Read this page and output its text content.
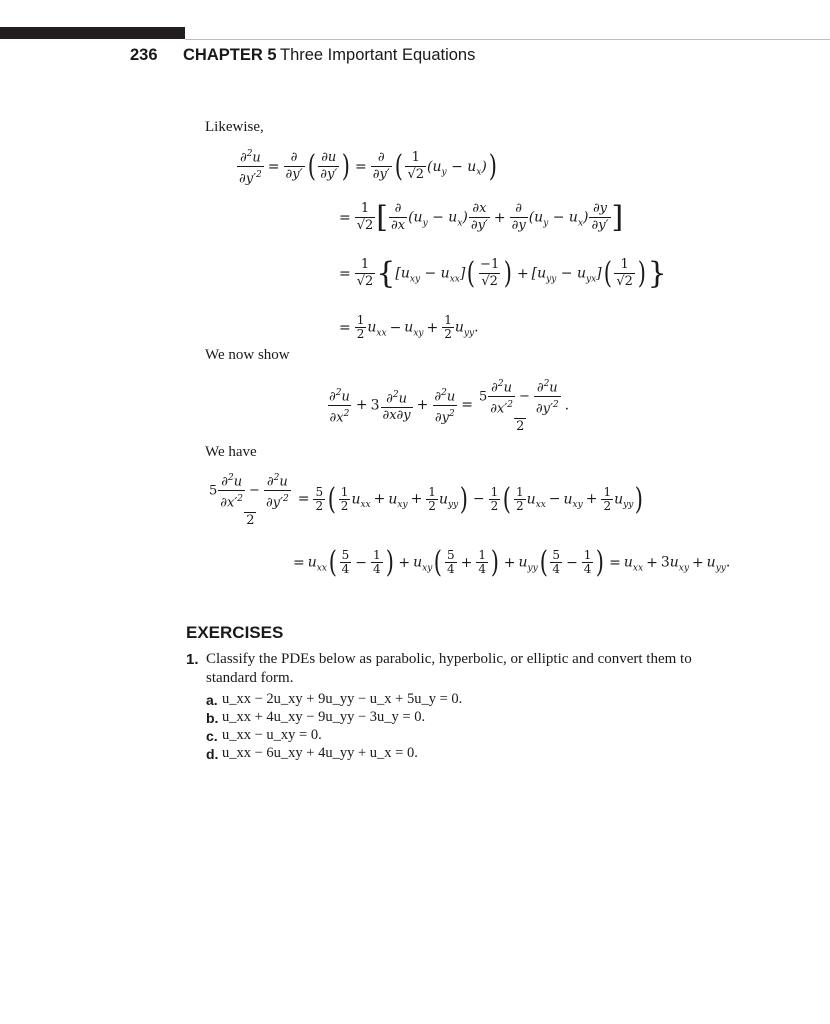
236 CHAPTER 5 Three Important Equations
Likewise,
$\frac{\partial^2u}{\partial y'^2} = \frac{\partial}{\partial y'}$ ( $\frac{\partial u}{\partial y'}$ ) = $\frac{\partial}{\partial y'}$ ( $\frac{1}{√2} (u_y - u_x)$)
= $\frac{1}{√2}$ [ $\frac{\partial}{\partial x} (u_y - u_x) \frac{\partial x}{\partial y'} + \frac{\partial}{\partial y} (u_y - u_x) \frac{\partial y}{\partial y'}$ ]
= $\frac{1}{√2} \{[u_{xy} - u_{xx}]( \frac{-1}{√2}$ ) + $[u_{yy} - u_{yx}]( \frac{1}{√2}$ )}
= $\frac{1}{2} u_{xx} - u_{xy} + \frac{1}{2} u_{yy}$.
We now show
$\frac{\partial^2u}{\partial x^2} + 3 \frac{\partial^2u}{\partial x\partial y} + \frac{\partial^2u}{\partial y^2} = \frac{5 \frac{\partial^2u}{\partial x'^2} - \frac{\partial^2u}{\partial y'^2}}{2}$ .
We have
$\frac{5 \frac{\partial^2u}{\partial x'^2} - \frac{\partial^2u}{\partial y'^2}}{2} = \frac{5}{2}$ ( $\frac{1}{2} u_{xx} + u_{xy} + \frac{1}{2} u_{yy}) - \frac{1}{2}$ ( $\frac{1}{2} u_{xx} - u_{xy} + \frac{1}{2} u_{yy}$)
= $u_{xx}( \frac{5}{4} - \frac{1}{4}$ ) + $u_{xy}( \frac{5}{4} + \frac{1}{4}$ ) + $u_{yy}( \frac{5}{4} - \frac{1}{4}$ ) = $u_{xx} + 3u_{xy} + u_{yy}$.
EXERCISES
1. Classify the PDEs below as parabolic, hyperbolic, or elliptic and convert them to standard form.
a. u_xx − 2u_xy + 9u_yy − u_x + 5u_y = 0.
b. u_xx + 4u_xy − 9u_yy − 3u_y = 0.
c. u_xx − u_xy = 0.
d. u_xx − 6u_xy + 4u_yy + u_x = 0.
